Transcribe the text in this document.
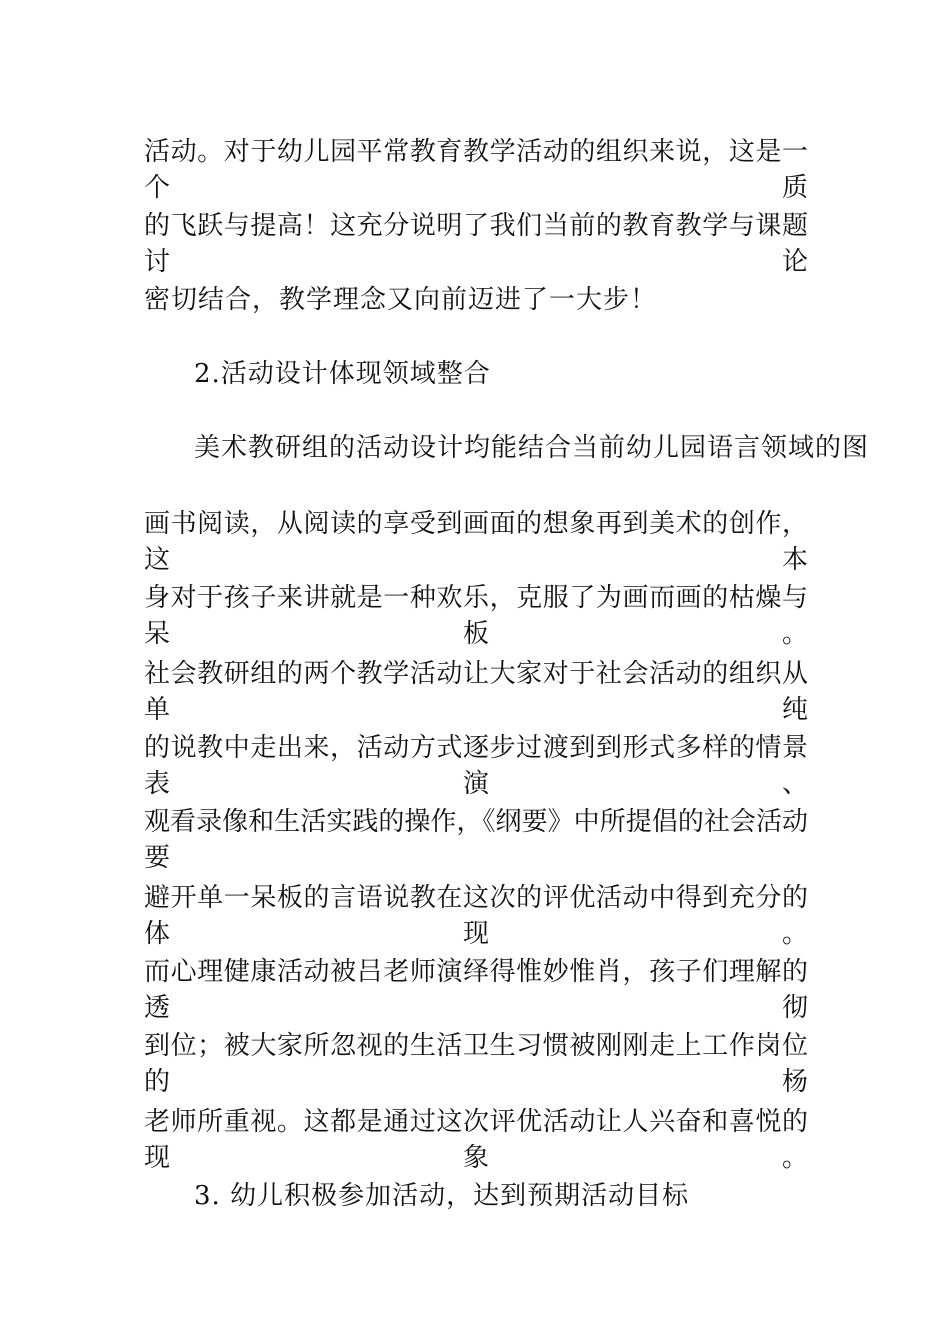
活动。对于幼儿园平常教育教学活动的组织来说，这是一个质
的飞跃与提高！这充分说明了我们当前的教育教学与课题讨论
密切结合，教学理念又向前迈进了一大步！
2.活动设计体现领域整合
美术教研组的活动设计均能结合当前幼儿园语言领域的图
画书阅读，从阅读的享受到画面的想象再到美术的创作，这本
身对于孩子来讲就是一种欢乐，克服了为画而画的枯燥与呆板。
社会教研组的两个教学活动让大家对于社会活动的组织从单纯
的说教中走出来，活动方式逐步过渡到到形式多样的情景表演、
观看录像和生活实践的操作，《纲要》中所提倡的社会活动要
避开单一呆板的言语说教在这次的评优活动中得到充分的体现。
而心理健康活动被吕老师演绎得惟妙惟肖，孩子们理解的透彻
到位；被大家所忽视的生活卫生习惯被刚刚走上工作岗位的杨
老师所重视。这都是通过这次评优活动让人兴奋和喜悦的现象。
3. 幼儿积极参加活动，达到预期活动目标
